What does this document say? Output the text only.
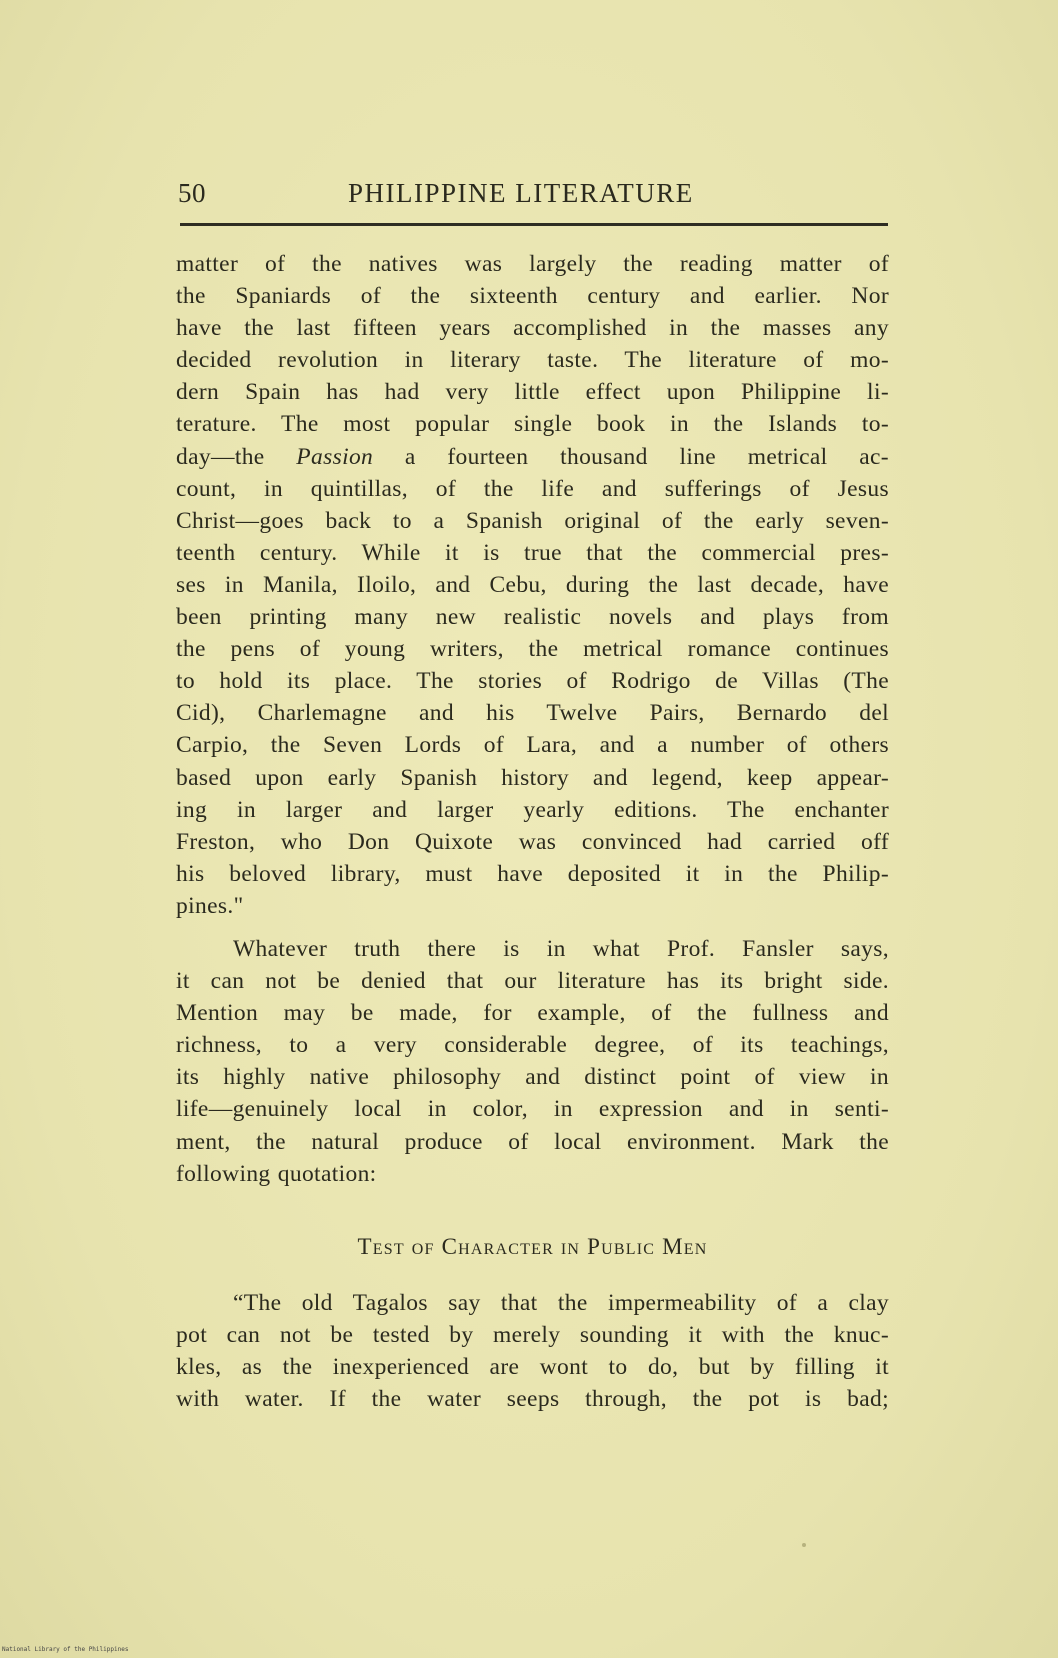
50	PHILIPPINE LITERATURE
matter of the natives was largely the reading matter of
the Spaniards of the sixteenth century and earlier. Nor
have the last fifteen years accomplished in the masses any
decided revolution in literary taste. The literature of mo-
dern Spain has had very little effect upon Philippine li-
terature. The most popular single book in the Islands to-
day—the Passion a fourteen thousand line metrical ac-
count, in quintillas, of the life and sufferings of Jesus
Christ—goes back to a Spanish original of the early seven-
teenth century. While it is true that the commercial pres-
ses in Manila, Iloilo, and Cebu, during the last decade, have
been printing many new realistic novels and plays from
the pens of young writers, the metrical romance continues
to hold its place. The stories of Rodrigo de Villas (The
Cid), Charlemagne and his Twelve Pairs, Bernardo del
Carpio, the Seven Lords of Lara, and a number of others
based upon early Spanish history and legend, keep appear-
ing in larger and larger yearly editions. The enchanter
Freston, who Don Quixote was convinced had carried off
his beloved library, must have deposited it in the Philip-
pines."
Whatever truth there is in what Prof. Fansler says,
it can not be denied that our literature has its bright side.
Mention may be made, for example, of the fullness and
richness, to a very considerable degree, of its teachings,
its highly native philosophy and distinct point of view in
life—genuinely local in color, in expression and in senti-
ment, the natural produce of local environment. Mark the
following quotation:
Test of Character in Public Men
“The old Tagalos say that the impermeability of a clay
pot can not be tested by merely sounding it with the knuc-
kles, as the inexperienced are wont to do, but by filling it
with water. If the water seeps through, the pot is bad;
National Library of the Philippines
